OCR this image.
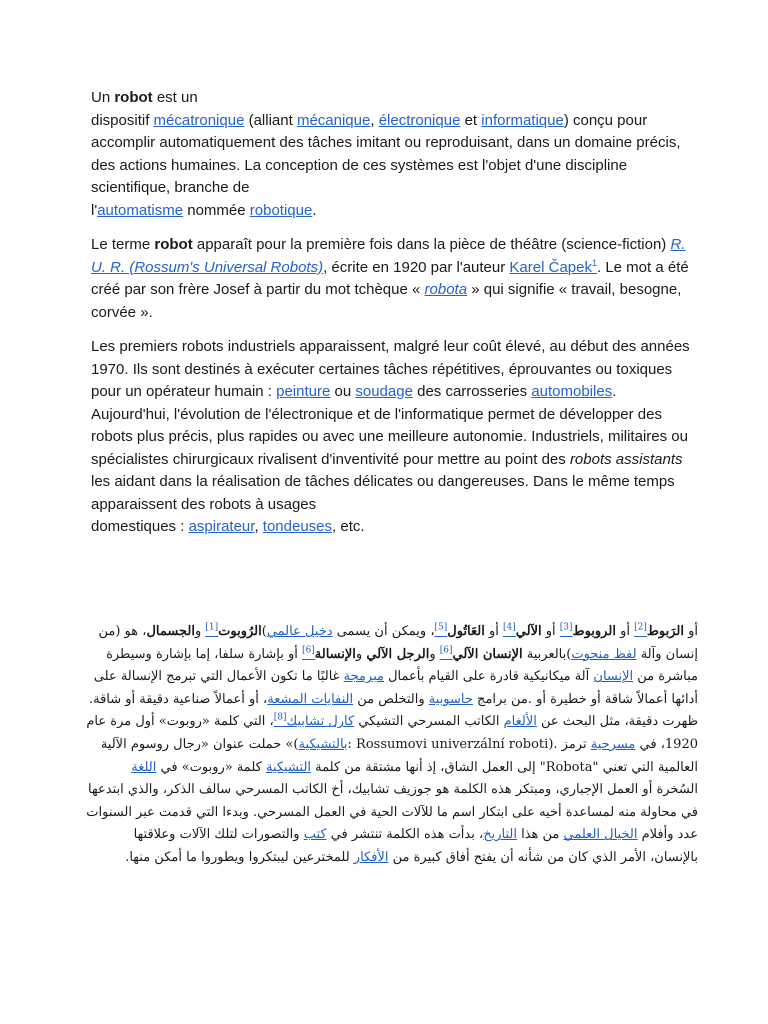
Un robot est un
dispositif mécatronique (alliant mécanique, électronique et informatique) conçu pour accomplir automatiquement des tâches imitant ou reproduisant, dans un domaine précis, des actions humaines. La conception de ces systèmes est l'objet d'une discipline scientifique, branche de
l'automatisme nommée robotique.

Le terme robot apparaît pour la première fois dans la pièce de théâtre (science-fiction) R. U. R. (Rossum's Universal Robots), écrite en 1920 par l'auteur Karel Čapek$^1$. Le mot a été créé par son frère Josef à partir du mot tchèque « robota » qui signifie « travail, besogne, corvée ».

Les premiers robots industriels apparaissent, malgré leur coût élevé, au début des années 1970. Ils sont destinés à exécuter certaines tâches répétitives, éprouvantes ou toxiques pour un opérateur humain : peinture ou soudage des carrosseries automobiles. Aujourd'hui, l'évolution de l'électronique et de l'informatique permet de développer des robots plus précis, plus rapides ou avec une meilleure autonomie. Industriels, militaires ou spécialistes chirurgicaux rivalisent d'inventivité pour mettre au point des robots assistants les aidant dans la réalisation de tâches délicates ou dangereuses. Dans le même temps apparaissent des robots à usages
domestiques : aspirateur, tondeuses, etc.

أو الرَبوط[2] أو الروبوط[3] أو الآلي[4] أو العَاتُول[5]، ويمكن أن يسمى دخيل عالمي)الرُوبوت[1] والجسمال، هو (من إنسان وآلة لفظ منحوت)بالعربية الإنسان الآلي[6] والرجل الآلي والإنسالة[6] أو بإشارة سلفا، إما بإشارة وسيطرة مباشرة من الإنسان آلة ميكانيكية قادرة على القيام بأعمال مبرمجة غالبًا ما تكون الأعمال التي تبرمج الإنسالة على أدائها أعمالاً شاقة أو خطيرة أو .من برامج حاسوبية والتخلص من النفايات المشعة، أو أعمالاً صناعية دقيقة أو شاقة. ظهرت دقيقة، مثل البحث عن الألغام الكاتب المسرحي التشيكي كارل تشابيك[8]، التي كلمة «روبوت» أول مرة عام 1920، في مسرحية ترمز .(Rossumovi univerzální roboti :بالتشيكية)» حملت عنوان «رجال روسوم الآلية العالمية التي تعني "Robota" إلى العمل الشاق، إذ أنها مشتقة من كلمة التشيكية كلمة «روبوت» في اللغة السُخرة أو العمل الإجباري، ومبتكر هذه الكلمة هو جوزيف تشابيك، أخ الكاتب المسرحي سالف الذكر، والذي ابتدعها في محاولة منه لمساعدة أخيه على ابتكار اسم ما للآلات الحية في العمل المسرحي. وبدءا التي قدمت عبر السنوات عدد وأفلام الخيال العلمي من هذا التاريخ، بدأت هذه الكلمة تنتشر في كتب والتصورات لتلك الآلات وعلاقتها بالإنسان، الأمر الذي كان من شأنه أن يفتح أفاق كبيرة من الأفكار للمخترعين ليبتكروا ويطوروا ما أمكن منها.
